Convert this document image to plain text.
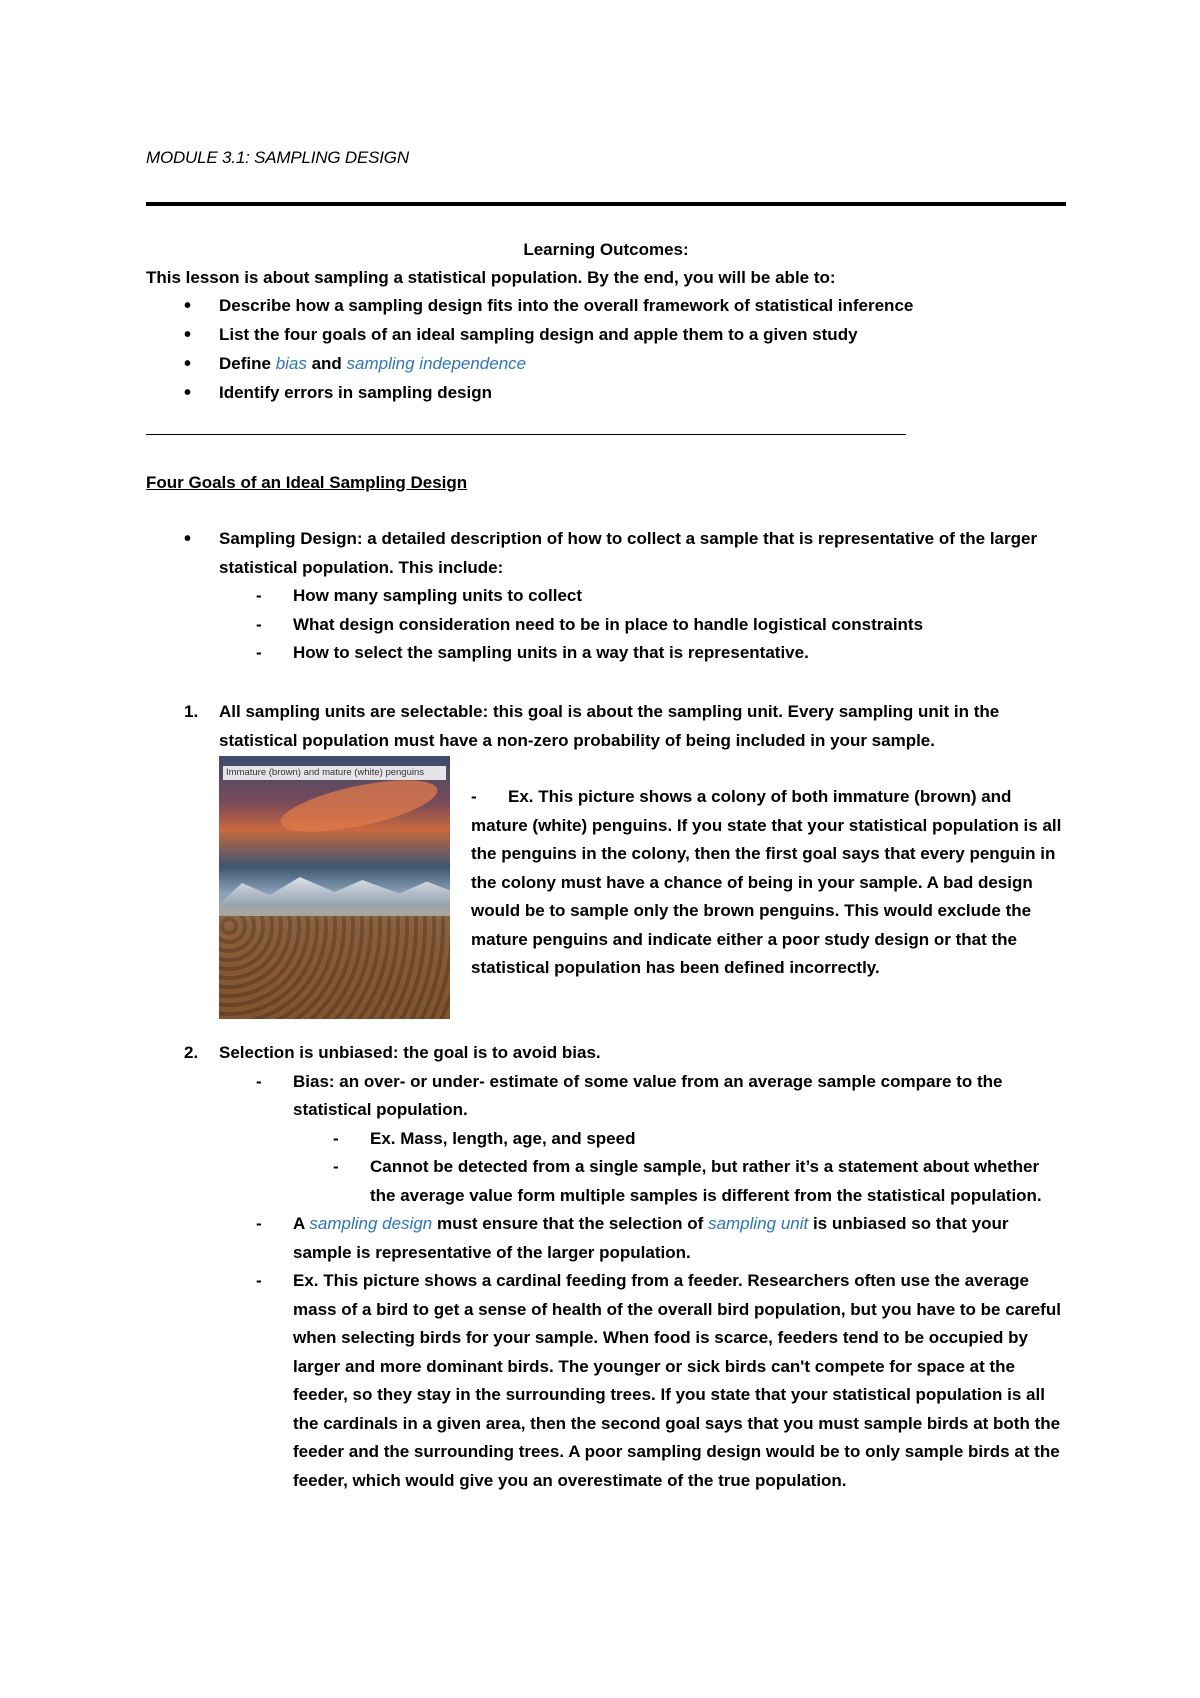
MODULE 3.1: SAMPLING DESIGN
Learning Outcomes:
This lesson is about sampling a statistical population. By the end, you will be able to:
• Describe how a sampling design fits into the overall framework of statistical inference
• List the four goals of an ideal sampling design and apple them to a given study
• Define bias and sampling independence
• Identify errors in sampling design
Four Goals of an Ideal Sampling Design
•	Sampling Design: a detailed description of how to collect a sample that is representative of the larger statistical population. This include:
- How many sampling units to collect
- What design consideration need to be in place to handle logistical constraints
- How to select the sampling units in a way that is representative.
1.	All sampling units are selectable: this goal is about the sampling unit. Every sampling unit in the statistical population must have a non-zero probability of being included in your sample.
Immature (brown) and mature (white) penguins
- Ex. This picture shows a colony of both immature (brown) and mature (white) penguins. If you state that your statistical population is all the penguins in the colony, then the first goal says that every penguin in the colony must have a chance of being in your sample. A bad design would be to sample only the brown penguins. This would exclude the mature penguins and indicate either a poor study design or that the statistical population has been defined incorrectly.
2.	Selection is unbiased: the goal is to avoid bias.
- Bias: an over- or under- estimate of some value from an average sample compare to the statistical population.
- Ex. Mass, length, age, and speed
- Cannot be detected from a single sample, but rather it’s a statement about whether the average value form multiple samples is different from the statistical population.
- A sampling design must ensure that the selection of sampling unit is unbiased so that your sample is representative of the larger population.
- Ex. This picture shows a cardinal feeding from a feeder. Researchers often use the average mass of a bird to get a sense of health of the overall bird population, but you have to be careful when selecting birds for your sample. When food is scarce, feeders tend to be occupied by larger and more dominant birds. The younger or sick birds can't compete for space at the feeder, so they stay in the surrounding trees. If you state that your statistical population is all the cardinals in a given area, then the second goal says that you must sample birds at both the feeder and the surrounding trees. A poor sampling design would be to only sample birds at the feeder, which would give you an overestimate of the true population.
